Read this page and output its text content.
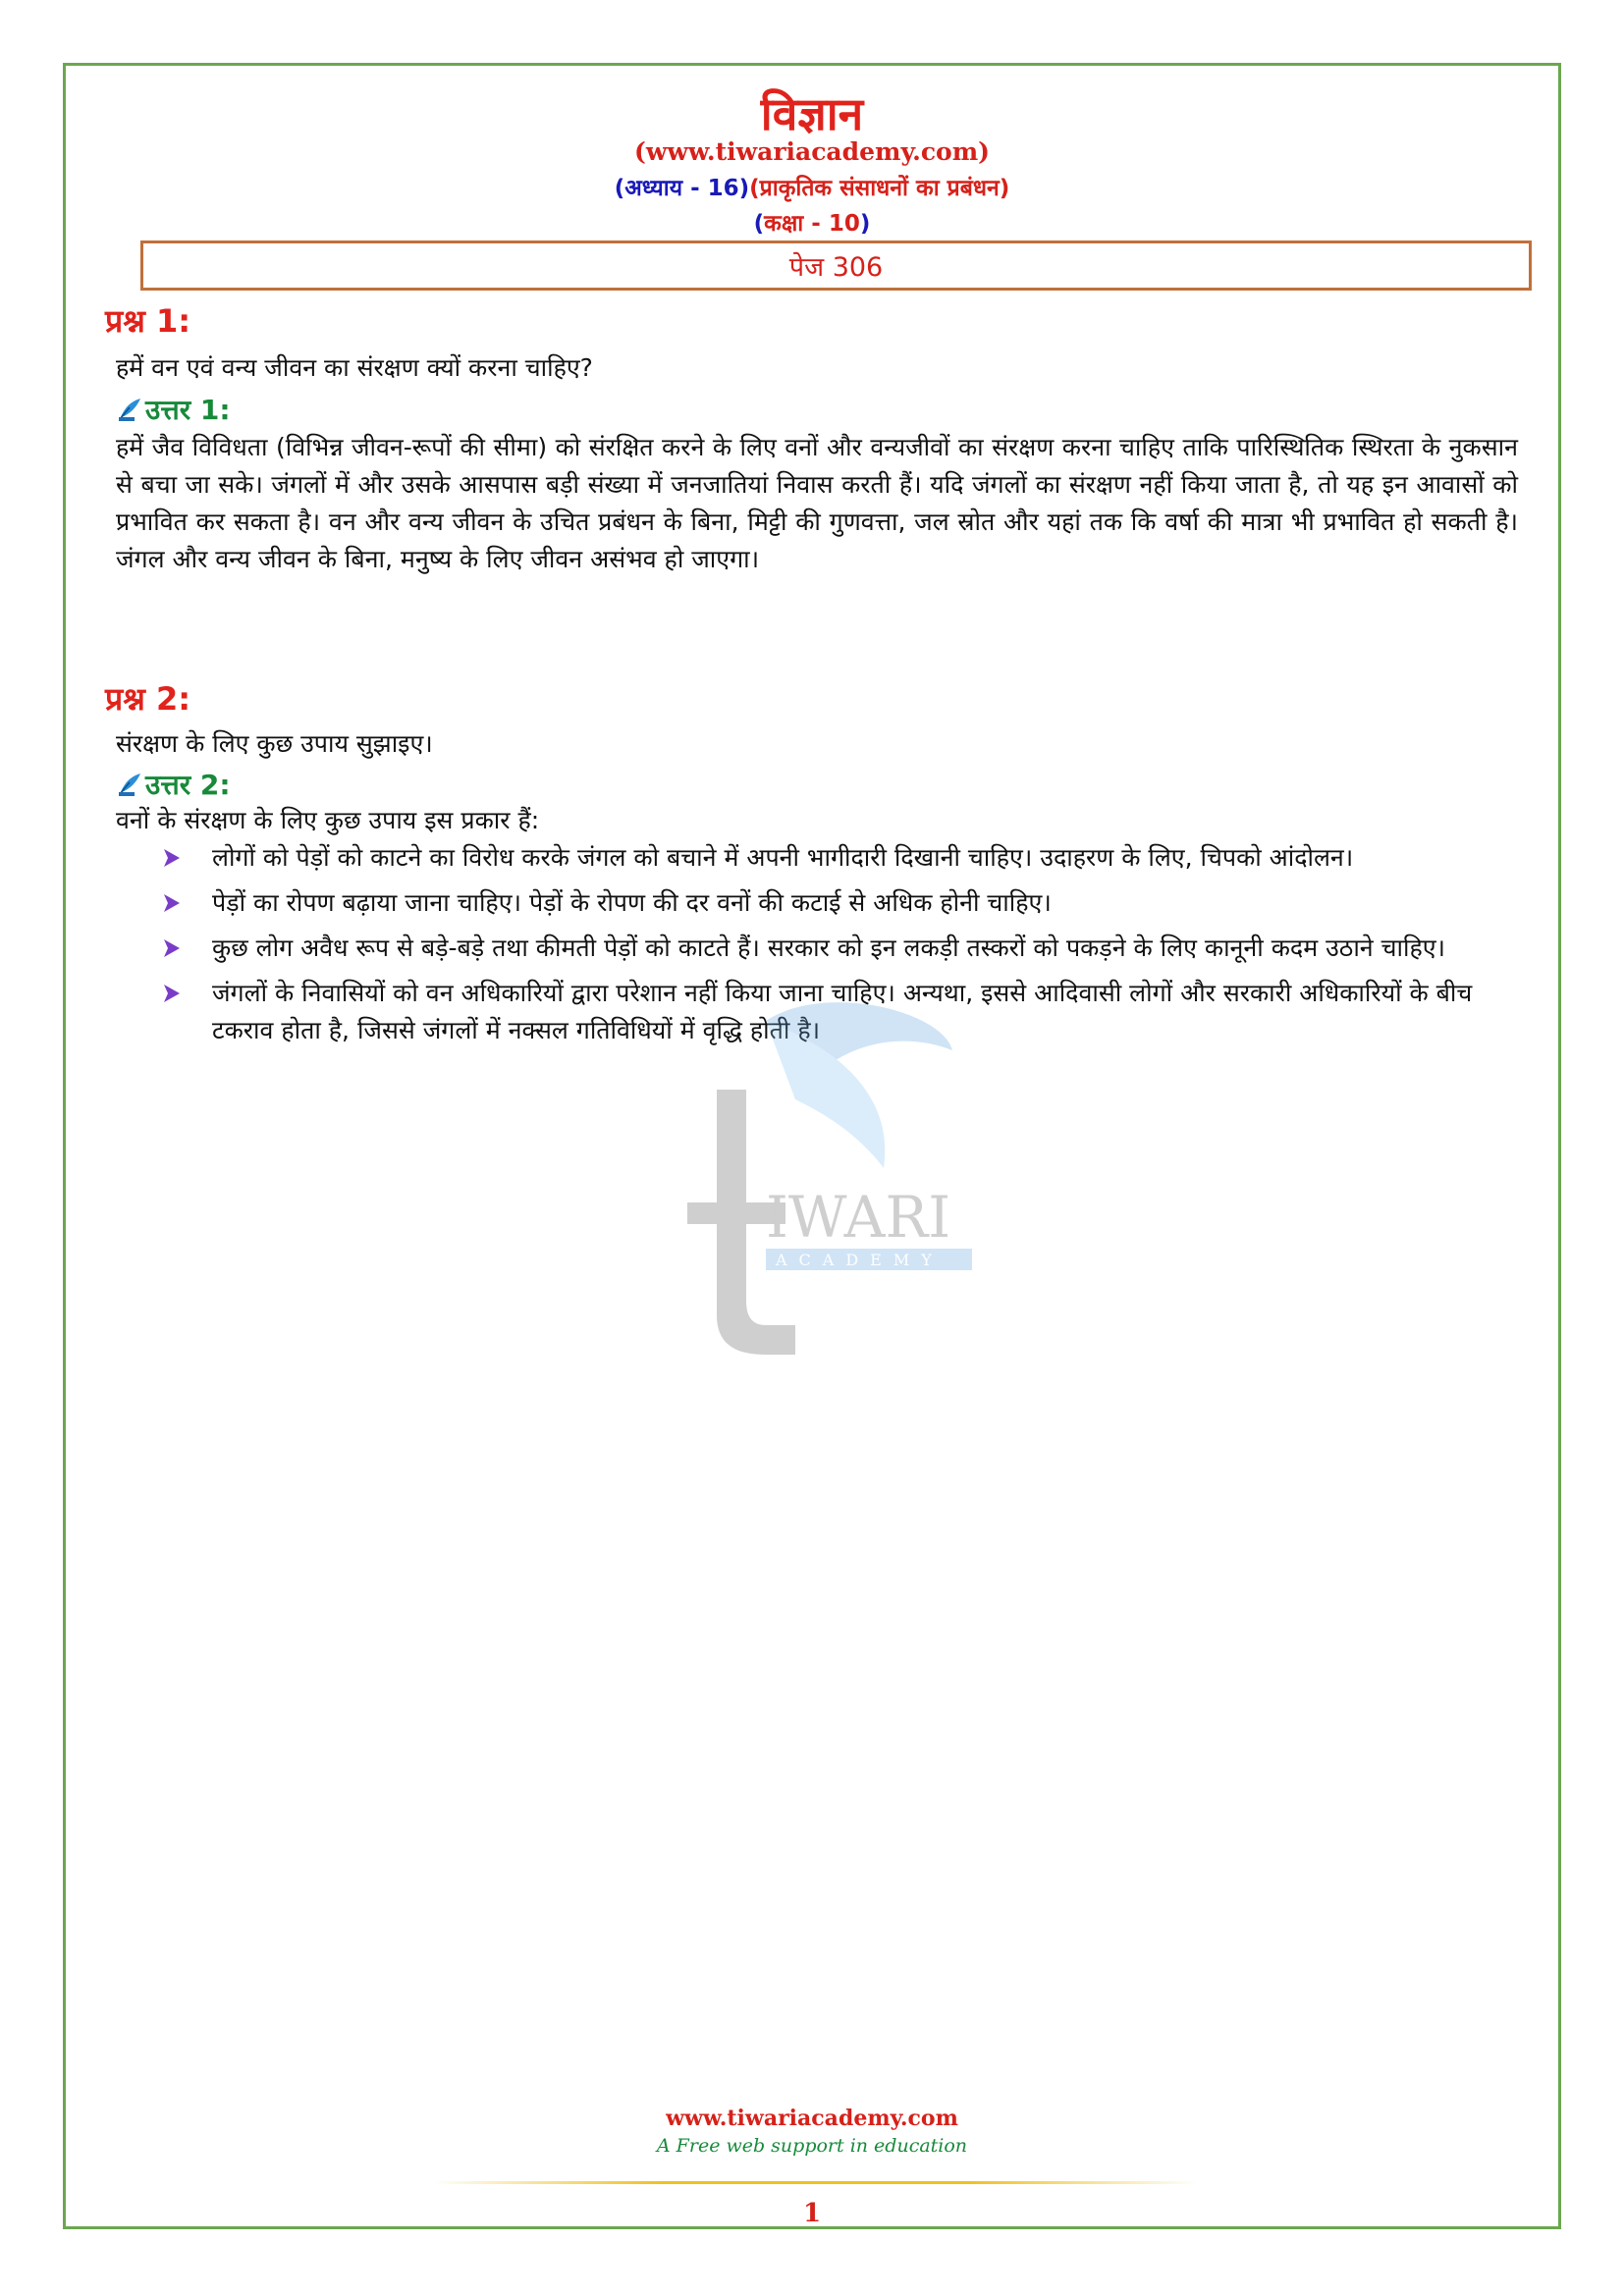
विज्ञान
(www.tiwariacademy.com)
(अध्याय - 16)(प्राकृतिक संसाधनों का प्रबंधन)
(कक्षा - 10)
पेज 306
प्रश्न 1:
हमें वन एवं वन्य जीवन का संरक्षण क्यों करना चाहिए?
उत्तर 1:
हमें जैव विविधता (विभिन्न जीवन-रूपों की सीमा) को संरक्षित करने के लिए वनों और वन्यजीवों का संरक्षण करना चाहिए ताकि पारिस्थितिक स्थिरता के नुकसान से बचा जा सके। जंगलों में और उसके आसपास बड़ी संख्या में जनजातियां निवास करती हैं। यदि जंगलों का संरक्षण नहीं किया जाता है, तो यह इन आवासों को प्रभावित कर सकता है। वन और वन्य जीवन के उचित प्रबंधन के बिना, मिट्टी की गुणवत्ता, जल स्रोत और यहां तक कि वर्षा की मात्रा भी प्रभावित हो सकती है। जंगल और वन्य जीवन के बिना, मनुष्य के लिए जीवन असंभव हो जाएगा।
प्रश्न 2:
संरक्षण के लिए कुछ उपाय सुझाइए।
उत्तर 2:
वनों के संरक्षण के लिए कुछ उपाय इस प्रकार हैं:
लोगों को पेड़ों को काटने का विरोध करके जंगल को बचाने में अपनी भागीदारी दिखानी चाहिए। उदाहरण के लिए, चिपको आंदोलन।
पेड़ों का रोपण बढ़ाया जाना चाहिए। पेड़ों के रोपण की दर वनों की कटाई से अधिक होनी चाहिए।
कुछ लोग अवैध रूप से बड़े-बड़े तथा कीमती पेड़ों को काटते हैं। सरकार को इन लकड़ी तस्करों को पकड़ने के लिए कानूनी कदम उठाने चाहिए।
जंगलों के निवासियों को वन अधिकारियों द्वारा परेशान नहीं किया जाना चाहिए। अन्यथा, इससे आदिवासी लोगों और सरकारी अधिकारियों के बीच टकराव होता है, जिससे जंगलों में नक्सल गतिविधियों में वृद्धि होती है।
IWARI
ACADEMY
www.tiwariacademy.com
A Free web support in education
1
